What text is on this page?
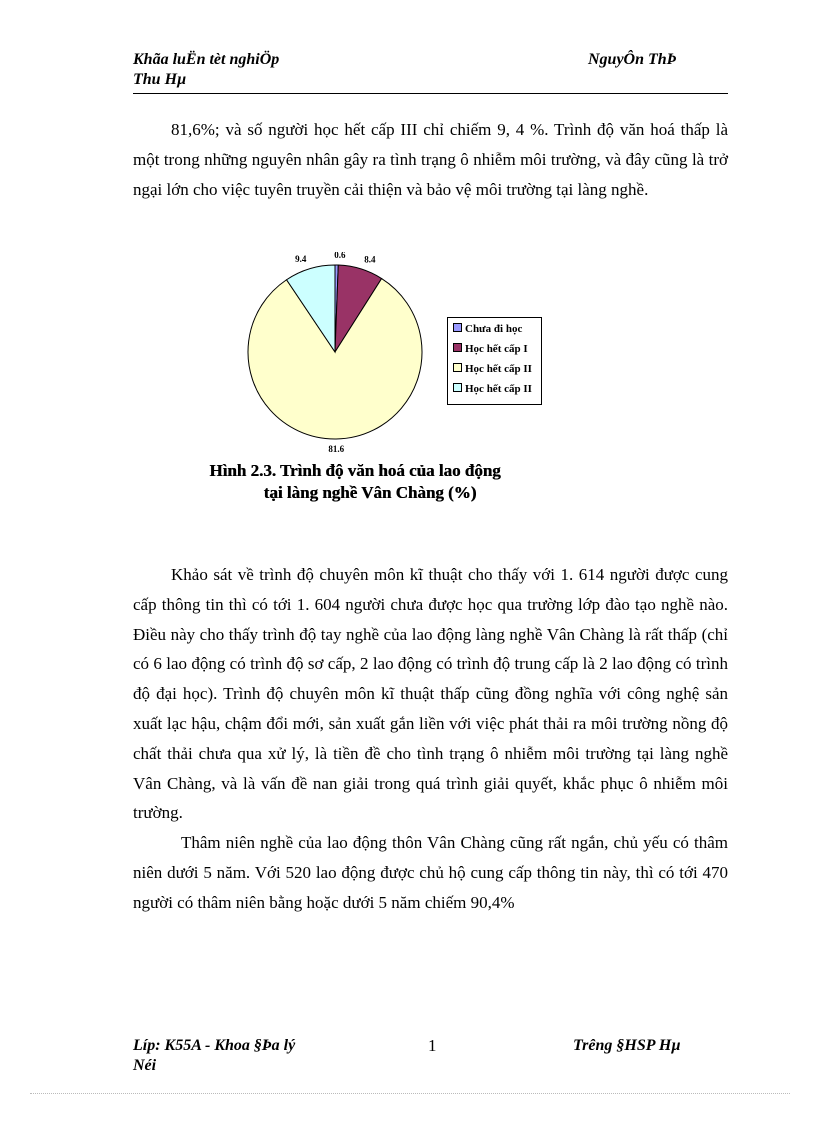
Khãa luËn tèt nghiÖp
Thu Hµ
NguyÔn ThÞ

81,6%; và số người học hết cấp III chỉ chiếm 9, 4 %. Trình độ văn hoá thấp là một trong những nguyên nhân gây ra tình trạng ô nhiễm môi trường, và đây cũng là trở ngại lớn cho việc tuyên truyền cải thiện và bảo vệ môi trường tại làng nghề.

0.6 8.4
81.6
9.4
Chưa đi học
Học hết cấp I
Học hết cấp II
Học hết cấp II
Hình 2.3. Trình độ văn hoá của lao động
tại làng nghề Vân Chàng (%)

Khảo sát về trình độ chuyên môn kĩ thuật cho thấy với 1. 614 người được cung cấp thông tin thì có tới 1. 604 người chưa được học qua trường lớp đào tạo nghề nào. Điều này cho thấy trình độ tay nghề của lao động làng nghề Vân Chàng là rất thấp (chỉ có 6 lao động có trình độ sơ cấp, 2 lao động có trình độ trung cấp là 2 lao động có trình độ đại học). Trình độ chuyên môn kĩ thuật thấp cũng đồng nghĩa với công nghệ sản xuất lạc hậu, chậm đổi mới, sản xuất gắn liền với việc phát thải ra môi trường nồng độ chất thải chưa qua xử lý, là tiền đề cho tình trạng ô nhiễm môi trường tại làng nghề Vân Chàng, và là vấn đề nan giải trong quá trình giải quyết, khắc phục ô nhiễm môi trường.

Thâm niên nghề của lao động thôn Vân Chàng cũng rất ngắn, chủ yếu có thâm niên dưới 5 năm. Với 520 lao động được chủ hộ cung cấp thông tin này, thì có tới 470 người có thâm niên bằng hoặc dưới 5 năm chiếm 90,4%

Líp: K55A - Khoa §Þa lý
Néi
1	Trêng §HSP Hµ
